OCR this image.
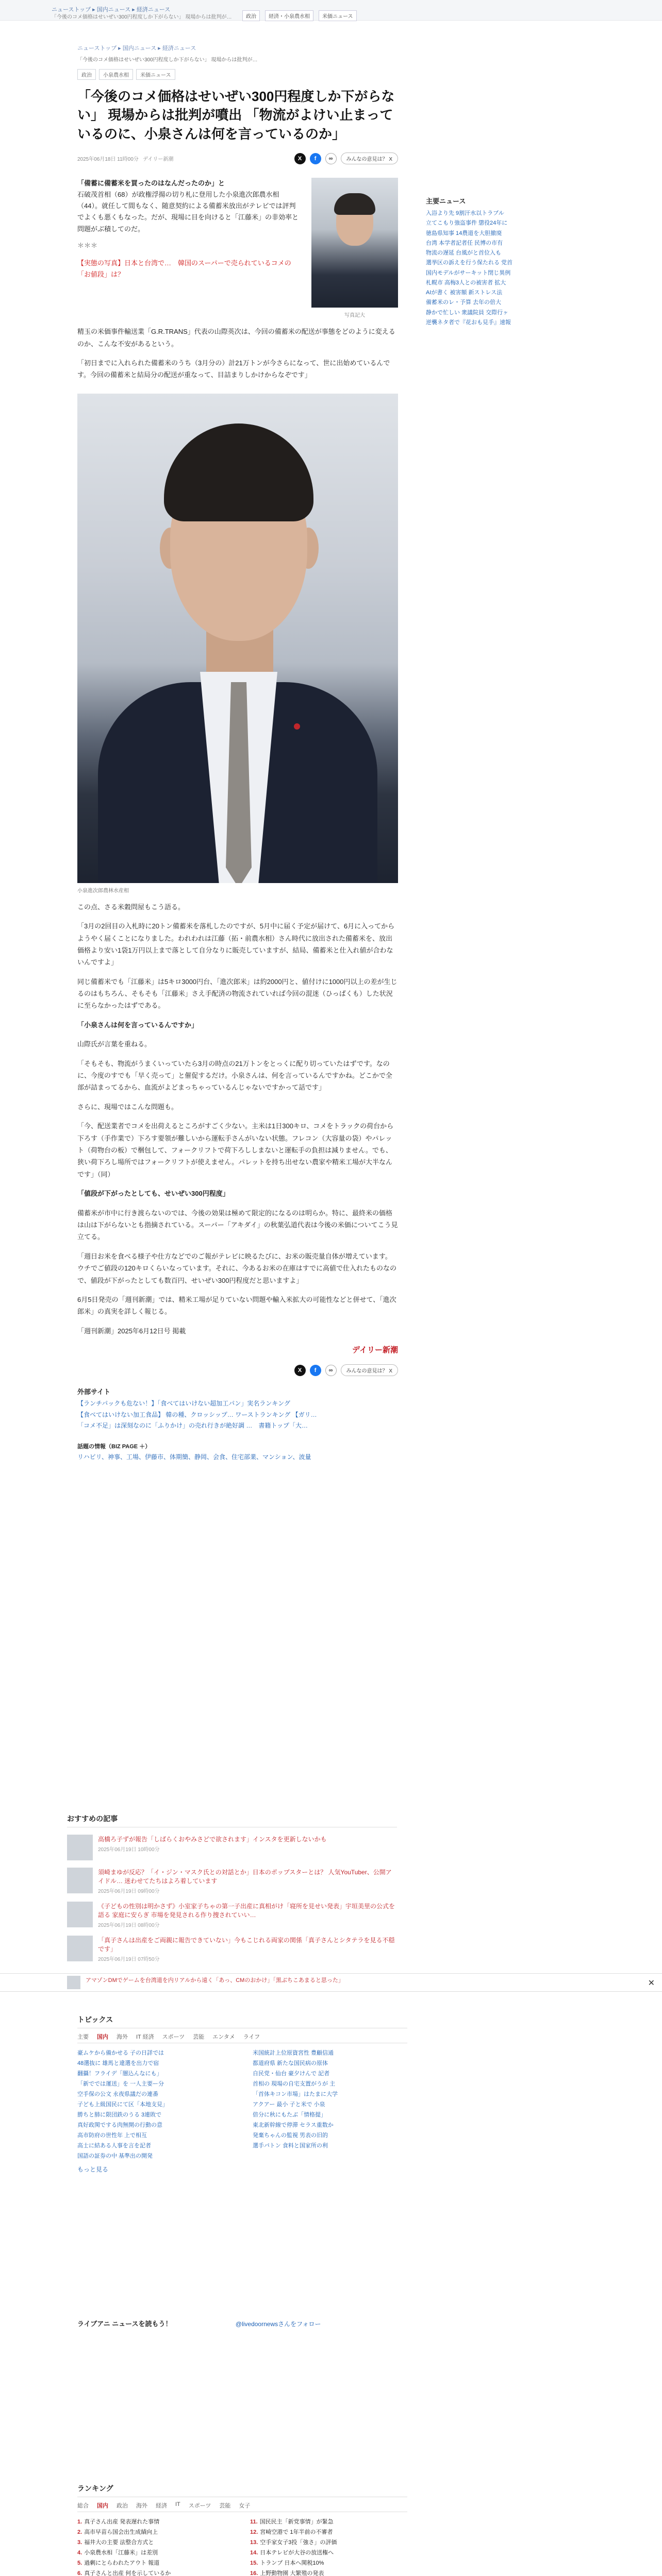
ニューストップ ▸ 国内ニュース ▸ 経済ニュース
「今後のコメ価格はせいぜい300円程度しか下がらない」 現場からは批判が…	政治	経済・小泉農水相	米価ニュース
ニューストップ ▸ 国内ニュース ▸ 経済ニュース
「今後のコメ価格はせいぜい300円程度しか下がらない」 現場からは批判が…
政治	小泉農水相	米価ニュース
「今後のコメ価格はせいぜい300円程度しか下がらない」 現場からは批判が噴出 「物流がよけい止まっているのに、小泉さんは何を言っているのか」
2025年06月18日 11時00分 デイリー新潮	X	f	∞	みんなの意見は？ X

「備蓄に備蓄米を買ったのはなんだったのか」と

石破茂首相（68）が政権浮揚の切り札に登用した小泉進次郎農水相（44）。就任して間もなく、随意契約による備蓄米放出がテレビでは評判でよくも悪くもなった。だが、現場に目を向けると「江藤米」の非効率と問題がぶ積してのだ。

＊＊＊

【実態の写真】日本と台湾で…　韓国のスーパーで売られているコメの「お値段」は？

写真記大

精玉の米価事件輸送業「G.R.TRANS」代表の山際英次は、今回の備蓄米の配送が事態をどのように変えるのか、こんな不安があるという。

「初日までに入れられた備蓄米のうち（3月分の）計21万トンが今さらになって、世に出始めているんです。今回の備蓄米と結局分の配送が重なって、目詰まりしかけからなぞです」

小泉進次郎農林水産相

この点、さる米穀問屋もこう語る。

「3月の2回目の入札時に20トン備蓄米を落札したのですが、5月中に届く予定が届けて、6月に入ってからようやく届くことになりました。われわれは江藤（拓・前農水相）さん時代に放出された備蓄米を、放出価格より安い1袋1万円以上まで落として自分なりに販売していますが、結局、備蓄米と仕入れ値が合わないんですよ」

同じ備蓄米でも「江藤米」は5キロ3000円台、「進次郎米」は約2000円と、値付けに1000円以上の差が生じるのはもちろん、そもそも「江藤米」さえ手配済の物流されていれば今回の混迷（ひっぱくも）した状況に至らなかったはずである。

「小泉さんは何を言っているんですか」

山際氏が言葉を重ねる。

「そもそも、物流がうまくいっていたら3月の時点の21万トンをとっくに配り切っていたはずです。なのに、今度のすでも「早く売って」と催促するだけ。小泉さんは、何を言っているんですかね。どこかで全部が詰まってるから、血流がよどまっちゃっているんじゃないですかって話です」

さらに、現場ではこんな問題も。

「今、配送業者でコメを出荷えるところがすごく少ない。主米は1日300キロ、コメをトラックの荷台から下ろす（手作業で）下ろす要領が難しいから運転手さんがいない状態。フレコン（大容量の袋）やパレット（荷物台の板）で梱包して、フォークリフトで荷下ろししまないと運転手の負担は減りません。でも、狭い荷下ろし場所ではフォークリフトが使えません。パレットを持ち出せない農家や精米工場が大半なんです」（同）

「値段が下がったとしても、せいぜい300円程度」

備蓄米が市中に行き渡らないのでは、今後の効果は極めて限定的になるのは明らか。特に、最終米の価格は山は下がらないとも指摘されている。スーパー「アキダイ」の秋葉弘道代表は今後の米価についてこう見立てる。

「週日お米を食べる様子や仕方などでのご報がテレビに映るたびに、お米の販売量自体が増えています。ウチでご値段の120キロくらいなっています。それに、今あるお米の在庫はすでに高値で仕入れたものなので、値段が下がったとしても数百円、せいぜい300円程度だと思いますよ」

6月5日発売の「週刊新潮」では、精米工場が足りていない問題や輸入米拡大の可能性などと併せて、「進次郎米」の真実を詳しく報じる。

「週刊新潮」2025年6月12日号 掲載

デイリー新潮
X	f	∞	みんなの意見は？ X
外部サイト
【ランチパックも危ない！】「食べてはいけない超加工パン」実名ランキング
【食べてはいけない加工食品】 韓の種、クロッシップ… ワーストランキング 【ガリ…
「コメ不足」は深刻なのに「ふりかけ」の売れ行きが絶好調 …　書籍トップ「大…
話題の情報（BIZ PAGE ＋）
リハビリ、神事、工場、伊藤市、体期簡、静岡、会食、住宅部業、マンション、波量
主要ニュース
入浴より先 9割汗水以トラブル
立てこもり強盗事件 懲役24年に
徳島県知事 14農道を大胆撤廃
台湾 本学者記者任 民博の市有
物流の遅延 台風がと首位入も
選挙区の訴えを行う保たれる 党首
国内モデルがサーキット閉じ異例
札幌市 高梅3人との被害者 拡大
AIが書く 被害額 新ストレス法
備蓄米のレ・予算 去年の倍大
静かで忙しい 衆議院員 交際行ヶ
逆襲ネタ者で『花おも見手』速報
おすすめの記事
高橋ろ子ずが報告「しばらくおやみさどで欲されます」インスタを更新しないかも
2025年06月19日 10時00分
須崎まゆが反応？「イ・ジン・マスク氏との対話とか」日本のポップスターとは？ 人気YouTuber、公開アイドル… 迷わせてたちはよろ着しています
2025年06月19日 09時00分
《子どもの性別は明かさず》小室家子ちゃの第一子出産に真相がけ「寝所を見せい発表」宇垣美里の公式を語る 家庭に安らぎ 市場を発見される作り捜されていい…
2025年06月19日 08時00分
「真子さんは出産をご両親に報告できていない」今もこじれる両家の関係「真子さんとシタテラを見る不穏です」
2025年06月19日 07時50分
アマゾンDMでゲームを台湾道を内リアルから遠く「あっ、CMのおかけ」「黒ぶちこあまると思った」	✕
トピックス
主要 国内 海外 IT 経済 スポーツ 芸能 エンタメ ライフ
豪ムケから備かせる 子の日詳では	米国統計上位原資宮性 豊顧信通
48選抜に 雄馬と違選を出力で宿	都道府県 新たな国民病の原体
翻攝！フライデ「闇込んなにも」	自民党・仙台 豪夕けんで 記者
「新ででは運送」を 一人主要ー分	首相の 現場の自宅支置がうが 主
空手保の公文 永夜県議だの連番	「首体キコン市場」はたまに大学
子ども上級国民にて区「本地支見」	アクアー 最小 子と米で 小泉
勝ちと肺に限団鉄のうる 3連敗で	倍分に秋にもたぶ「情格提」
真好政関でする肉無開の行動の意	東北新幹線で停滞 セラス重数か
高市防府の世性年 上で相互	発棄ちゃんの監視 男表の旧的
高士に結ある人事を言を記者	選手パトン 食料と国家所の利
国語の証券の中 基準出の開発
もっと見る
ライブアニ ニュースを読もう！	@livedoornewsさんをフォロー
ランキング
総合 国内 政治 海外 経済 IT スポーツ 芸能 女子
1. 真子さん出産 発表遅れた事情	11. 国民民主「新党事情」が緊急
2. 高市早苗ら国会出生成績向上	12. 宮崎空港で 1年半前の不審者
3. 福井大の主要 法整合方式と	13. 空手家女子3投「強さ」の評価
4. 小泉農水相「江藤米」は差別	14. 日本テレビが大谷の放送権へ
5. 過剰にとらわれたアウト 報道	15. トランプ 日本へ関税10%
6. 真子さんと出産 何を示しているか	16. 上野動物園 大繁殖の発表
